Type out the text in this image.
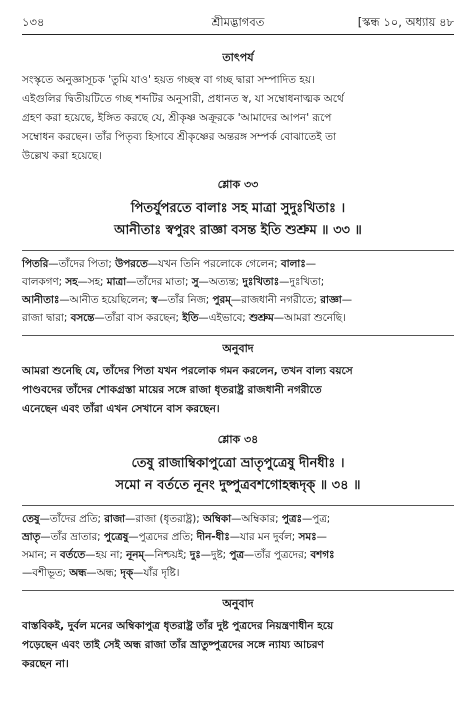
১৩৪	শ্রীমদ্ভাগবত	[স্কন্ধ ১০, অধ্যায় ৪৮
তাৎপর্য

সংস্কৃতে অনুজ্ঞাসূচক 'তুমি যাও' হয়ত গচ্ছস্ব বা গচ্ছ দ্বারা সম্পাদিত হয়।

এইগুলির দ্বিতীয়টিতে গচ্ছ শব্দটির অনুসারী, প্রধানত স্ব, যা সম্বোধনাত্মক অর্থে

গ্রহণ করা হয়েছে, ইঙ্গিত করছে যে, শ্রীকৃষ্ণ অক্রূরকে 'আমাদের আপন' রূপে

সম্বোধন করছেন। তাঁর পিতৃব্য হিসাবে শ্রীকৃষ্ণের অন্তরঙ্গ সম্পর্ক বোঝাতেই তা

উল্লেখ করা হয়েছে।

শ্লোক ৩৩

পিতর্যুপরতে বালাঃ সহ মাত্রা সুদুঃখিতাঃ ।

আনীতাঃ স্বপুরং রাজ্ঞা বসন্ত ইতি শুশ্রুম ॥ ৩৩ ॥

পিতরি—তাঁদের পিতা; উপরতে—যখন তিনি পরলোকে গেলেন; বালাঃ—

বালকগণ; সহ—সহ; মাত্রা—তাঁদের মাতা; সু—অত্যন্ত; দুঃখিতাঃ—দুঃখিতা;

আনীতাঃ—আনীত হয়েছিলেন; স্ব—তাঁর নিজ; পুরম্—রাজধানী নগরীতে; রাজ্ঞা—

রাজা দ্বারা; বসন্তে—তাঁরা বাস করছেন; ইতি—এইভাবে; শুশ্রুম—আমরা শুনেছি।

অনুবাদ

আমরা শুনেছি যে, তাঁদের পিতা যখন পরলোক গমন করলেন, তখন বাল্য বয়সে

পাণ্ডবদের তাঁদের শোকগ্রস্তা মায়ের সঙ্গে রাজা ধৃতরাষ্ট্র রাজধানী নগরীতে

এনেছেন এবং তাঁরা এখন সেখানে বাস করছেন।

শ্লোক ৩৪

তেষু রাজাম্বিকাপুত্রো ভ্রাতৃপুত্রেষু দীনধীঃ ।

সমো ন বর্ততে নূনং দুষ্পুত্রবশগোহন্ধদৃক্ ॥ ৩৪ ॥

তেষু—তাঁদের প্রতি; রাজা—রাজা (ধৃতরাষ্ট্র); অম্বিকা—অম্বিকার; পুত্রঃ—পুত্র;

ভ্রাতৃ—তাঁর ভ্রাতার; পুত্রেষু—পুত্রদের প্রতি; দীন-ধীঃ—যার মন দুর্বল; সমঃ—

সমান; ন বর্ততে—হয় না; নূনম্—নিশ্চয়ই; দুঃ—দুষ্ট; পুত্র—তাঁর পুত্রদের; বশগঃ

—বশীভূত; অন্ধ—অন্ধ; দৃক্—যাঁর দৃষ্টি।

অনুবাদ

বাস্তবিকই, দুর্বল মনের অম্বিকাপুত্র ধৃতরাষ্ট্র তাঁর দুষ্ট পুত্রদের নিয়ন্ত্রণাধীন হয়ে

পড়েছেন এবং তাই সেই অন্ধ রাজা তাঁর ভ্রাতুষ্পুত্রদের সঙ্গে ন্যায্য আচরণ

করছেন না।
